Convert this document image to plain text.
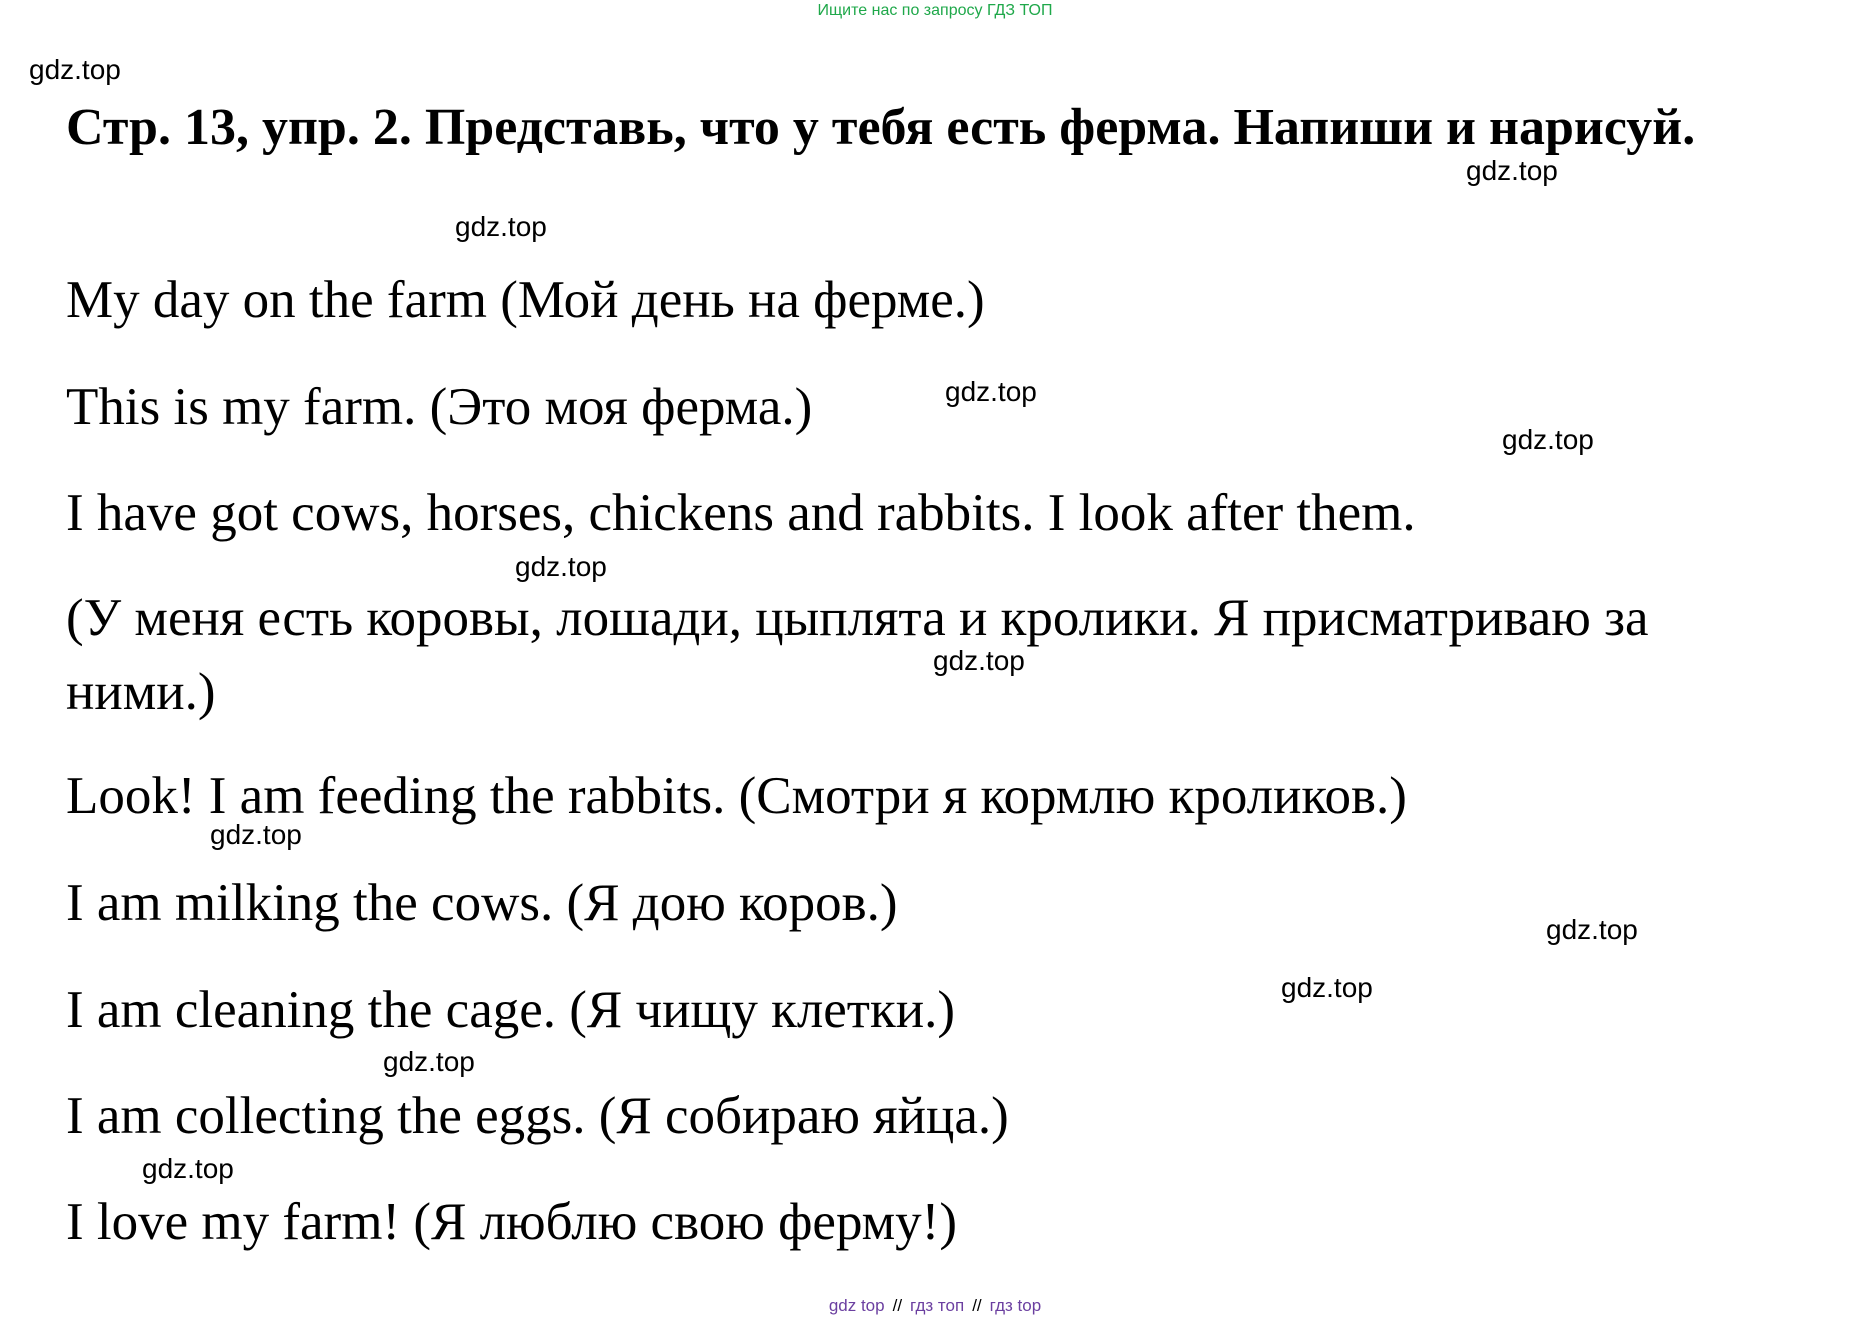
Ищите нас по запросу ГДЗ ТОП
Стр. 13, упр. 2. Представь, что у тебя есть ферма. Напиши и нарисуй.

My day on the farm (Мой день на ферме.)

This is my farm. (Это моя ферма.)

I have got cows, horses, chickens and rabbits. I look after them.

(У меня есть коровы, лошади, цыплята и кролики. Я присматриваю за

ними.)

Look! I am feeding the rabbits. (Смотри я кормлю кроликов.)

I am milking the cows. (Я дою коров.)

I am cleaning the cage. (Я чищу клетки.)

I am collecting the eggs. (Я собираю яйца.)

I love my farm! (Я люблю свою ферму!)

gdz.top
gdz.top
gdz.top
gdz.top
gdz.top
gdz.top
gdz.top
gdz.top
gdz.top
gdz.top
gdz.top
gdz.top
gdz top // гдз топ // гдз top
